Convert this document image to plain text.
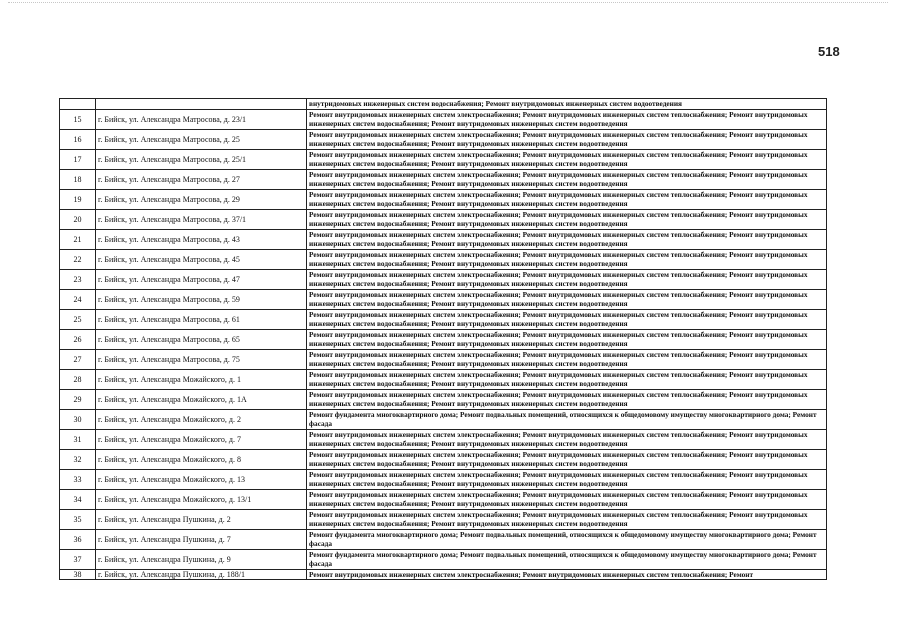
518
		внутридомовых инженерных систем водоснабжения; Ремонт внутридомовых инженерных систем водоотведения
15	г. Бийск, ул. Александра Матросова, д. 23/1	Ремонт внутридомовых инженерных систем электроснабжения; Ремонт внутридомовых инженерных систем теплоснабжения; Ремонт внутридомовых инженерных систем водоснабжения; Ремонт внутридомовых инженерных систем водоотведения
16	г. Бийск, ул. Александра Матросова, д. 25	Ремонт внутридомовых инженерных систем электроснабжения; Ремонт внутридомовых инженерных систем теплоснабжения; Ремонт внутридомовых инженерных систем водоснабжения; Ремонт внутридомовых инженерных систем водоотведения
17	г. Бийск, ул. Александра Матросова, д. 25/1	Ремонт внутридомовых инженерных систем электроснабжения; Ремонт внутридомовых инженерных систем теплоснабжения; Ремонт внутридомовых инженерных систем водоснабжения; Ремонт внутридомовых инженерных систем водоотведения
18	г. Бийск, ул. Александра Матросова, д. 27	Ремонт внутридомовых инженерных систем электроснабжения; Ремонт внутридомовых инженерных систем теплоснабжения; Ремонт внутридомовых инженерных систем водоснабжения; Ремонт внутридомовых инженерных систем водоотведения
19	г. Бийск, ул. Александра Матросова, д. 29	Ремонт внутридомовых инженерных систем электроснабжения; Ремонт внутридомовых инженерных систем теплоснабжения; Ремонт внутридомовых инженерных систем водоснабжения; Ремонт внутридомовых инженерных систем водоотведения
20	г. Бийск, ул. Александра Матросова, д. 37/1	Ремонт внутридомовых инженерных систем электроснабжения; Ремонт внутридомовых инженерных систем теплоснабжения; Ремонт внутридомовых инженерных систем водоснабжения; Ремонт внутридомовых инженерных систем водоотведения
21	г. Бийск, ул. Александра Матросова, д. 43	Ремонт внутридомовых инженерных систем электроснабжения; Ремонт внутридомовых инженерных систем теплоснабжения; Ремонт внутридомовых инженерных систем водоснабжения; Ремонт внутридомовых инженерных систем водоотведения
22	г. Бийск, ул. Александра Матросова, д. 45	Ремонт внутридомовых инженерных систем электроснабжения; Ремонт внутридомовых инженерных систем теплоснабжения; Ремонт внутридомовых инженерных систем водоснабжения; Ремонт внутридомовых инженерных систем водоотведения
23	г. Бийск, ул. Александра Матросова, д. 47	Ремонт внутридомовых инженерных систем электроснабжения; Ремонт внутридомовых инженерных систем теплоснабжения; Ремонт внутридомовых инженерных систем водоснабжения; Ремонт внутридомовых инженерных систем водоотведения
24	г. Бийск, ул. Александра Матросова, д. 59	Ремонт внутридомовых инженерных систем электроснабжения; Ремонт внутридомовых инженерных систем теплоснабжения; Ремонт внутридомовых инженерных систем водоснабжения; Ремонт внутридомовых инженерных систем водоотведения
25	г. Бийск, ул. Александра Матросова, д. 61	Ремонт внутридомовых инженерных систем электроснабжения; Ремонт внутридомовых инженерных систем теплоснабжения; Ремонт внутридомовых инженерных систем водоснабжения; Ремонт внутридомовых инженерных систем водоотведения
26	г. Бийск, ул. Александра Матросова, д. 65	Ремонт внутридомовых инженерных систем электроснабжения; Ремонт внутридомовых инженерных систем теплоснабжения; Ремонт внутридомовых инженерных систем водоснабжения; Ремонт внутридомовых инженерных систем водоотведения
27	г. Бийск, ул. Александра Матросова, д. 75	Ремонт внутридомовых инженерных систем электроснабжения; Ремонт внутридомовых инженерных систем теплоснабжения; Ремонт внутридомовых инженерных систем водоснабжения; Ремонт внутридомовых инженерных систем водоотведения
28	г. Бийск, ул. Александра Можайского, д. 1	Ремонт внутридомовых инженерных систем электроснабжения; Ремонт внутридомовых инженерных систем теплоснабжения; Ремонт внутридомовых инженерных систем водоснабжения; Ремонт внутридомовых инженерных систем водоотведения
29	г. Бийск, ул. Александра Можайского, д. 1А	Ремонт внутридомовых инженерных систем электроснабжения; Ремонт внутридомовых инженерных систем теплоснабжения; Ремонт внутридомовых инженерных систем водоснабжения; Ремонт внутридомовых инженерных систем водоотведения
30	г. Бийск, ул. Александра Можайского, д. 2	Ремонт фундамента многоквартирного дома; Ремонт подвальных помещений, относящихся к общедомовому имуществу многоквартирного дома; Ремонт фасада
31	г. Бийск, ул. Александра Можайского, д. 7	Ремонт внутридомовых инженерных систем электроснабжения; Ремонт внутридомовых инженерных систем теплоснабжения; Ремонт внутридомовых инженерных систем водоснабжения; Ремонт внутридомовых инженерных систем водоотведения
32	г. Бийск, ул. Александра Можайского, д. 8	Ремонт внутридомовых инженерных систем электроснабжения; Ремонт внутридомовых инженерных систем теплоснабжения; Ремонт внутридомовых инженерных систем водоснабжения; Ремонт внутридомовых инженерных систем водоотведения
33	г. Бийск, ул. Александра Можайского, д. 13	Ремонт внутридомовых инженерных систем электроснабжения; Ремонт внутридомовых инженерных систем теплоснабжения; Ремонт внутридомовых инженерных систем водоснабжения; Ремонт внутридомовых инженерных систем водоотведения
34	г. Бийск, ул. Александра Можайского, д. 13/1	Ремонт внутридомовых инженерных систем электроснабжения; Ремонт внутридомовых инженерных систем теплоснабжения; Ремонт внутридомовых инженерных систем водоснабжения; Ремонт внутридомовых инженерных систем водоотведения
35	г. Бийск, ул. Александра Пушкина, д. 2	Ремонт внутридомовых инженерных систем электроснабжения; Ремонт внутридомовых инженерных систем теплоснабжения; Ремонт внутридомовых инженерных систем водоснабжения; Ремонт внутридомовых инженерных систем водоотведения
36	г. Бийск, ул. Александра Пушкина, д. 7	Ремонт фундамента многоквартирного дома; Ремонт подвальных помещений, относящихся к общедомовому имуществу многоквартирного дома; Ремонт фасада
37	г. Бийск, ул. Александра Пушкина, д. 9	Ремонт фундамента многоквартирного дома; Ремонт подвальных помещений, относящихся к общедомовому имуществу многоквартирного дома; Ремонт фасада
38	г. Бийск, ул. Александра Пушкина, д. 188/1	Ремонт внутридомовых инженерных систем электроснабжения; Ремонт внутридомовых инженерных систем теплоснабжения; Ремонт
